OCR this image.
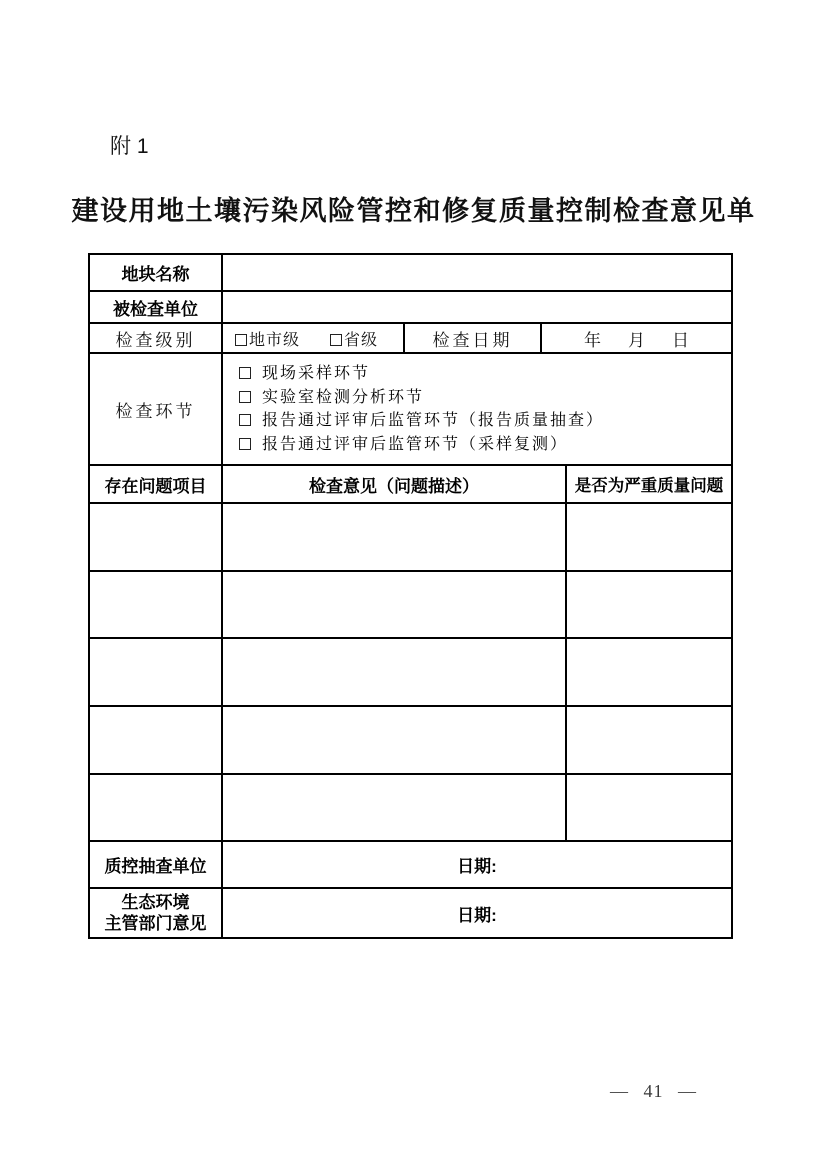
附 1
建设用地土壤污染风险管控和修复质量控制检查意见单
地块名称				
被检查单位				
检查级别	地市级 省级	检查日期	年 月 日	

检查环节	现场采样环节
实验室检测分析环节
报告通过评审后监管环节（报告质量抽查）
报告通过评审后监管环节（采样复测）			

存在问题项目	检查意见（问题描述）			是否为严重质量问题

质控抽查单位	日期:			

生态环境
主管部门意见	日期:			
— 41 —
